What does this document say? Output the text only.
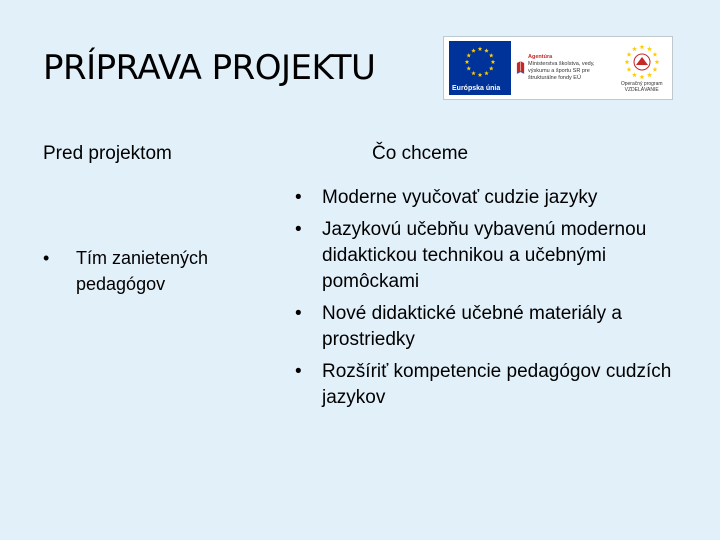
PRÍPRAVA PROJEKTU
Európska únia
Agentúra
Ministerstva školstva, vedy, výskumu a športu SR pre štrukturálne fondy EÚ
Operačný program VZDELÁVANIE
Pred projektom	Čo chceme
• Tím zanietených pedagógov
• Moderne vyučovať cudzie jazyky
• Jazykovú učebňu vybavenú modernou didaktickou technikou a učebnými pomôckami
• Nové didaktické učebné materiály a prostriedky
• Rozšíriť kompetencie pedagógov cudzích jazykov
